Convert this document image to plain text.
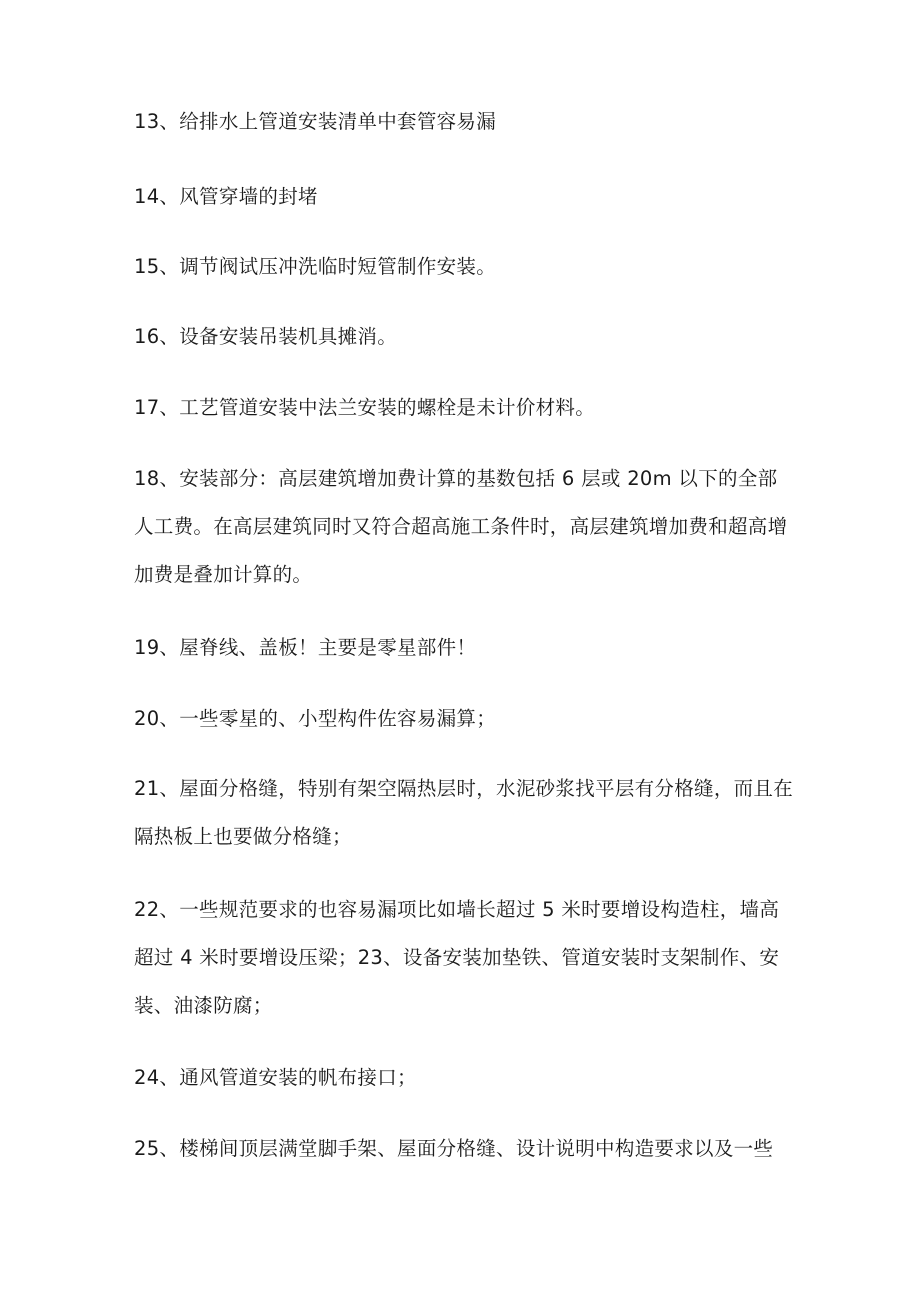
13、给排水上管道安装清单中套管容易漏

14、风管穿墙的封堵

15、调节阀试压冲洗临时短管制作安装。

16、设备安装吊装机具摊消。

17、工艺管道安装中法兰安装的螺栓是未计价材料。

18、安装部分：高层建筑增加费计算的基数包括 6 层或 20m 以下的全部人工费。在高层建筑同时又符合超高施工条件时，高层建筑增加费和超高增加费是叠加计算的。

19、屋脊线、盖板！主要是零星部件！

20、一些零星的、小型构件佐容易漏算；

21、屋面分格缝，特别有架空隔热层时，水泥砂浆找平层有分格缝，而且在隔热板上也要做分格缝；

22、一些规范要求的也容易漏项比如墙长超过 5 米时要增设构造柱，墙高超过 4 米时要增设压梁；23、设备安装加垫铁、管道安装时支架制作、安装、油漆防腐；

24、通风管道安装的帆布接口；

25、楼梯间顶层满堂脚手架、屋面分格缝、设计说明中构造要求以及一些
